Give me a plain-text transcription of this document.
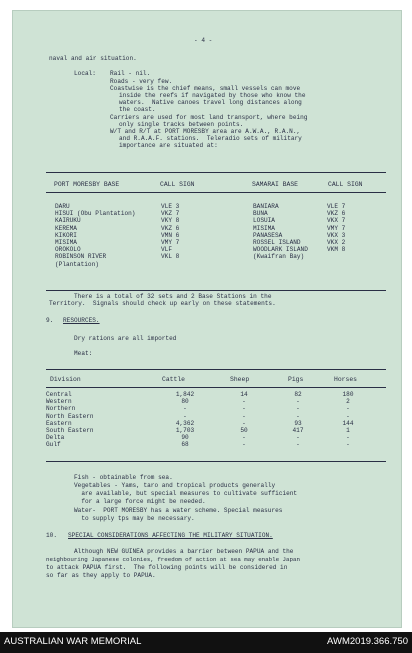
- 4 -
naval and air situation.
Local: Rail - nil.
Roads - very few.
Coastwise is the chief means, small vessels can move
inside the reefs if navigated by those who know the
waters.  Native canoes travel long distances along
the coast.
Carriers are used for most land transport, where being
only single tracks between points.
W/T and R/T at PORT MORESBY area are A.W.A., R.A.N.,
and R.A.A.F. stations.  Teleradio sets of military
importance are situated at:
PORT MORESBY BASE	CALL SIGN	SAMARAI BASE	CALL SIGN
DARU	VLE 3	BANIARA	VLE 7
HISUI (Obu Plantation)	VKZ 7	BUNA	VKZ 6
KAIRUKU	VKY 8	LOSUIA	VKX 7
KEREMA	VKZ 6	MISIMA	VMY 7
KIKORI	VMN 6	PANASESA	VKX 3
MISIMA	VMY 7	ROSSEL ISLAND	VKX 2
OROKOLO	VLF	WOODLARK ISLAND	VKM 8
ROBINSON RIVER	VKL 8	(Kwaifran Bay)	
(Plantation)			
There is a total of 32 sets and 2 Base Stations in the
Territory.  Signals should check up early on these statements.
9. RESOURCES.
Dry rations are all imported
Meat:
Division	Cattle	Sheep	Pigs	Horses
Central	1,842	14	82	180
Western	80	-	-	2
Northern	-	-	-	-
North Eastern	-	-	-	-
Eastern	4,362	-	93	144
South Eastern	1,703	50	417	1
Delta	90	-	-	-
Gulf	68	-	-	-
Fish - obtainable from sea.
Vegetables - Yams, taro and tropical products generally
are available, but special measures to cultivate sufficient
for a large force might be needed.
Water-  PORT MORESBY has a water scheme. Special measures
to supply tps may be necessary.
10. SPECIAL CONSIDERATIONS AFFECTING THE MILITARY SITUATION.
Although NEW GUINEA provides a barrier between PAPUA and the
neighbouring Japanese colonies, freedom of action at sea may enable Japan
to attack PAPUA first.  The following points will be considered in
so far as they apply to PAPUA.
AUSTRALIAN WAR MEMORIAL	AWM2019.366.750
